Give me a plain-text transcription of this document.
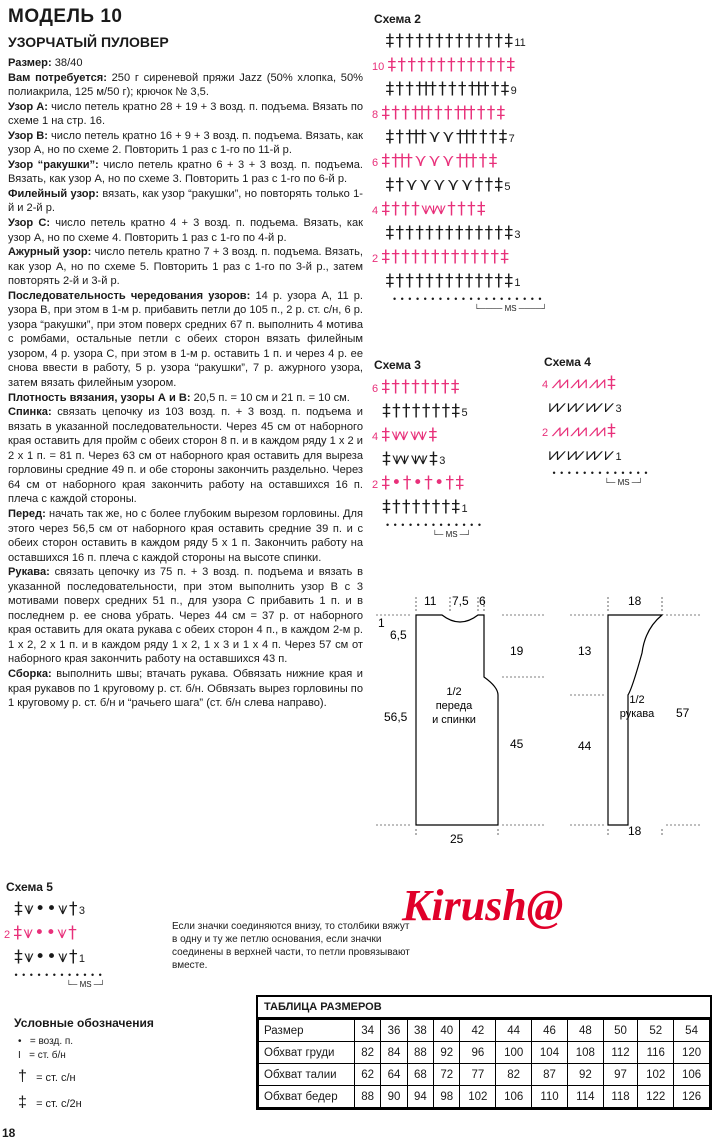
МОДЕЛЬ 10
УЗОРЧАТЫЙ ПУЛОВЕР

Размер: 38/40

Вам потребуется: 250 г сиреневой пряжи Jazz (50% хлопка, 50% полиакрила, 125 м/50 г); крючок № 3,5.

Узор А: число петель кратно 28 + 19 + 3 возд. п. подъема. Вязать по схеме 1 на стр. 16.

Узор В: число петель кратно 16 + 9 + 3 возд. п. подъема. Вязать, как узор А, но по схеме 2. Повторить 1 раз с 1-го по 11-й р.

Узор “ракушки”: число петель кратно 6 + 3 + 3 возд. п. подъема. Вязать, как узор А, но по схеме 3. Повторить 1 раз с 1-го по 6-й р.

Филейный узор: вязать, как узор “ракушки”, но повторять только 1-й и 2-й р.

Узор С: число петель кратно 4 + 3 возд. п. подъема. Вязать, как узор А, но по схеме 4. Повторить 1 раз с 1-го по 4-й р.

Ажурный узор: число петель кратно 7 + 3 возд. п. подъема. Вязать, как узор А, но по схеме 5. Повторить 1 раз с 1-го по 3-й р., затем повторять 2-й и 3-й р.

Последовательность чередования узоров: 14 р. узора А, 11 р. узора В, при этом в 1-м р. прибавить петли до 105 п., 2 р. ст. с/н, 6 р. узора “ракушки”, при этом поверх средних 67 п. выполнить 4 мотива с ромбами, остальные петли с обеих сторон вязать филейным узором, 4 р. узора С, при этом в 1-м р. оставить 1 п. и через 4 р. ее снова ввести в работу, 5 р. узора “ракушки”, 7 р. ажурного узора, затем вязать филейным узором.

Плотность вязания, узоры А и В: 20,5 п. = 10 см и 21 п. = 10 см.

Спинка: связать цепочку из 103 возд. п. + 3 возд. п. подъема и вязать в указанной последовательности. Через 45 см от наборного края оставить для пройм с обеих сторон 8 п. и в каждом ряду 1 х 2 и 2 х 1 п. = 81 п. Через 63 см от наборного края оставить для выреза горловины средние 49 п. и обе стороны закончить раздельно. Через 64 см от наборного края закончить работу на оставшихся 16 п. плеча с каждой стороны.

Перед: начать так же, но с более глубоким вырезом горловины. Для этого через 56,5 см от наборного края оставить средние 39 п. и с обеих сторон оставить в каждом ряду 5 х 1 п. Закончить работу на оставшихся 16 п. плеча с каждой стороны на высоте спинки.

Рукава: связать цепочку из 75 п. + 3 возд. п. подъема и вязать в указанной последовательности, при этом выполнить узор В с 3 мотивами поверх средних 51 п., для узора С прибавить 1 п. и в последнем р. ее снова убрать. Через 44 см = 37 р. от наборного края оставить для оката рукава с обеих сторон 4 п., в каждом 2-м р. 1 х 2, 2 х 1 п. и в каждом ряду 1 х 2, 1 х 3 и 1 х 4 п. Через 57 см от наборного края закончить работу на оставшихся 43 п.

Сборка: выполнить швы; втачать рукава. Обвязать нижние края и края рукавов по 1 круговому р. ст. б/н. Обвязать вырез горловины по 1 круговому р. ст. б/н и “рачьего шага” (ст. б/н слева направо).

Схема 2
‡ † † † † † † † † † † † ‡ 11
10 ‡ † † † † † † † † † † † ‡
‡ † † ††† † † † ††† † ‡ 9
8 ‡ † † ††† † † ††† † † ‡
‡ † ††† ⋎ ⋎ ††† † † ‡ 7
6 ‡ ††† ⋎ ⋎ ⋎ ††† † ‡
‡ † ⋎ ⋎ ⋎ ⋎ ⋎ † † ‡ 5
4 ‡ † † † ⩛⩛⩛ † † † ‡
‡ † † † † † † † † † † † ‡ 3
2 ‡ † † † † † † † † † † † ‡
‡ † † † † † † † † † † † ‡ 1
• • • • • • • • • • • • • • • • • • • •
└──── MS ────┘
Схема 3
6 ‡ † † † † † † ‡
‡ † † † † † † ‡ 5
4 ‡ ⩛⩛ ⩛⩛ ‡
‡ ⩛⩛ ⩛⩛ ‡ 3
2 ‡ • † • † • † ‡
‡ † † † † † † ‡ 1
• • • • • • • • • • • • •
└─ MS ─┘
Схема 4
4 ⩘⩘ ⩘⩘ ⩘⩘ ‡
⩗⩗ ⩗⩗ ⩗⩗ ⩗ 3
2 ⩘⩘ ⩘⩘ ⩘⩘ ‡
⩗⩗ ⩗⩗ ⩗⩗ ⩗ 1
• • • • • • • • • • • • •
└─ MS ─┘
11 7,5 6
1
6,5
19
45
56,5
1/2
переда
и спинки
25
18
13
44
57
1/2
рукава
18
Схема 5
‡ ⩛ • • ⩛ † 3
2 ‡ ⩛ • • ⩛ †
‡ ⩛ • • ⩛ † 1
• • • • • • • • • • • •
└─ MS ─┘
Kirush@
Если значки соединяются внизу, то столбики вяжут в одну и ту же петлю основания, если значки соединены в верхней части, то петли провязывают вместе.
Условные обозначения
• = возд. п.
І = ст. б/н
† = ст. с/н
‡ = ст. с/2н
ТАБЛИЦА РАЗМЕРОВ
Размер	34	36	38	40	42	44	46	48	50	52	54
Обхват груди	82	84	88	92	96	100	104	108	112	116	120
Обхват талии	62	64	68	72	77	82	87	92	97	102	106
Обхват бедер	88	90	94	98	102	106	110	114	118	122	126
18
